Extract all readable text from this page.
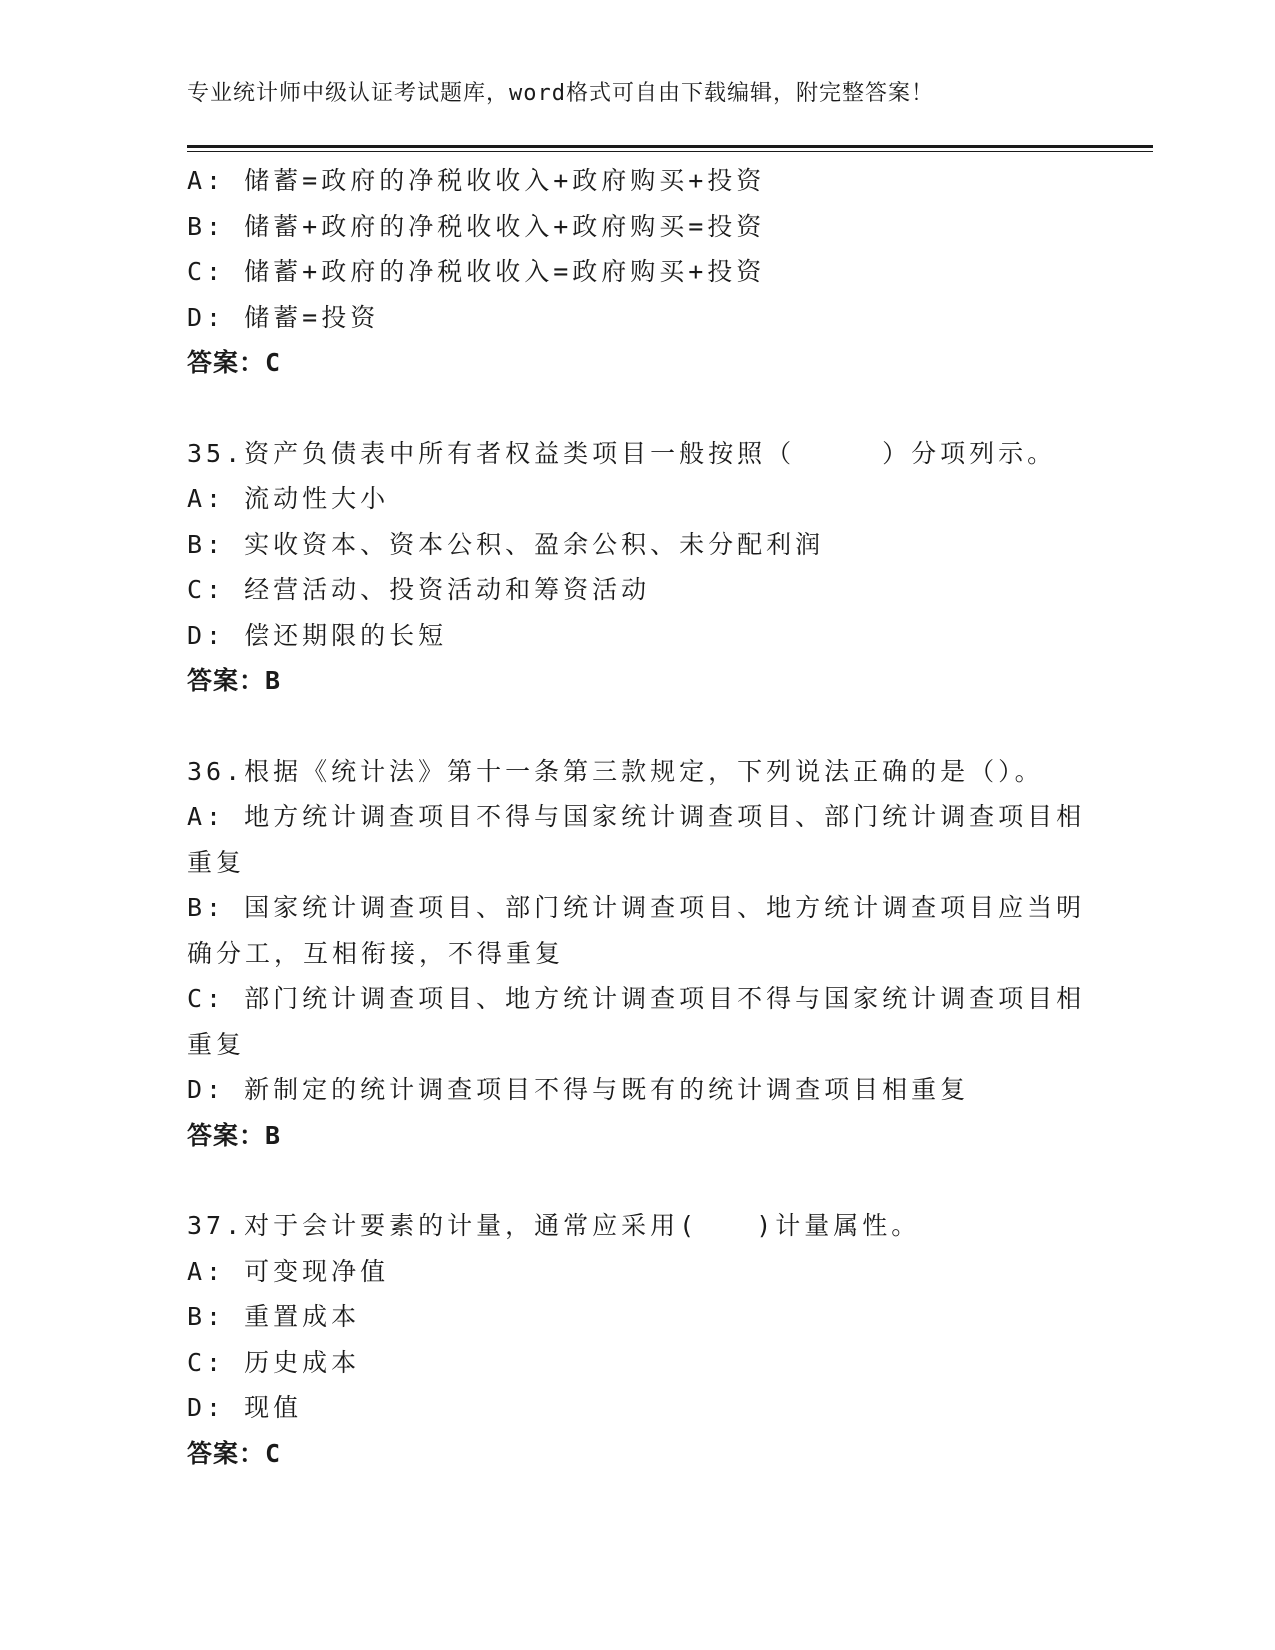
专业统计师中级认证考试题库，word格式可自由下载编辑，附完整答案！
A: 储蓄=政府的净税收收入+政府购买+投资
B: 储蓄+政府的净税收收入+政府购买=投资
C: 储蓄+政府的净税收收入=政府购买+投资
D: 储蓄=投资
答案：C
35.资产负债表中所有者权益类项目一般按照（　　　）分项列示。
A: 流动性大小
B: 实收资本、资本公积、盈余公积、未分配利润
C: 经营活动、投资活动和筹资活动
D: 偿还期限的长短
答案：B
36.根据《统计法》第十一条第三款规定，下列说法正确的是（）。
A: 地方统计调查项目不得与国家统计调查项目、部门统计调查项目相
重复
B: 国家统计调查项目、部门统计调查项目、地方统计调查项目应当明
确分工，互相衔接，不得重复
C: 部门统计调查项目、地方统计调查项目不得与国家统计调查项目相
重复
D: 新制定的统计调查项目不得与既有的统计调查项目相重复
答案：B
37.对于会计要素的计量，通常应采用(　　)计量属性。
A: 可变现净值
B: 重置成本
C: 历史成本
D: 现值
答案：C
